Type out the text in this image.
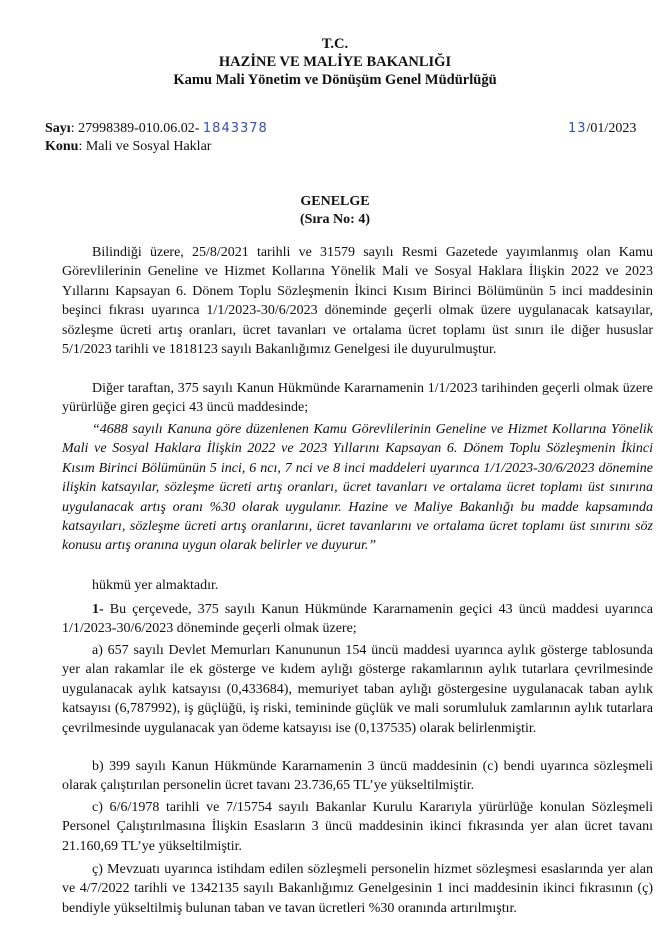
T.C.
HAZİNE VE MALİYE BAKANLIĞI
Kamu Mali Yönetim ve Dönüşüm Genel Müdürlüğü
Sayı: 27998389-010.06.02- 1843378	13/01/2023
Konu: Mali ve Sosyal Haklar
GENELGE
(Sıra No: 4)

Bilindiği üzere, 25/8/2021 tarihli ve 31579 sayılı Resmi Gazetede yayımlanmış olan Kamu Görevlilerinin Geneline ve Hizmet Kollarına Yönelik Mali ve Sosyal Haklara İlişkin 2022 ve 2023 Yıllarını Kapsayan 6. Dönem Toplu Sözleşmenin İkinci Kısım Birinci Bölümünün 5 inci maddesinin beşinci fıkrası uyarınca 1/1/2023-30/6/2023 döneminde geçerli olmak üzere uygulanacak katsayılar, sözleşme ücreti artış oranları, ücret tavanları ve ortalama ücret toplamı üst sınırı ile diğer hususlar 5/1/2023 tarihli ve 1818123 sayılı Bakanlığımız Genelgesi ile duyurulmuştur.

Diğer taraftan, 375 sayılı Kanun Hükmünde Kararnamenin 1/1/2023 tarihinden geçerli olmak üzere yürürlüğe giren geçici 43 üncü maddesinde;

“4688 sayılı Kanuna göre düzenlenen Kamu Görevlilerinin Geneline ve Hizmet Kollarına Yönelik Mali ve Sosyal Haklara İlişkin 2022 ve 2023 Yıllarını Kapsayan 6. Dönem Toplu Sözleşmenin İkinci Kısım Birinci Bölümünün 5 inci, 6 ncı, 7 nci ve 8 inci maddeleri uyarınca 1/1/2023-30/6/2023 dönemine ilişkin katsayılar, sözleşme ücreti artış oranları, ücret tavanları ve ortalama ücret toplamı üst sınırına uygulanacak artış oranı %30 olarak uygulanır. Hazine ve Maliye Bakanlığı bu madde kapsamında katsayıları, sözleşme ücreti artış oranlarını, ücret tavanlarını ve ortalama ücret toplamı üst sınırını söz konusu artış oranına uygun olarak belirler ve duyurur.”

hükmü yer almaktadır.

1- Bu çerçevede, 375 sayılı Kanun Hükmünde Kararnamenin geçici 43 üncü maddesi uyarınca 1/1/2023-30/6/2023 döneminde geçerli olmak üzere;

a) 657 sayılı Devlet Memurları Kanununun 154 üncü maddesi uyarınca aylık gösterge tablosunda yer alan rakamlar ile ek gösterge ve kıdem aylığı gösterge rakamlarının aylık tutarlara çevrilmesinde uygulanacak aylık katsayısı (0,433684), memuriyet taban aylığı göstergesine uygulanacak taban aylık katsayısı (6,787992), iş güçlüğü, iş riski, temininde güçlük ve mali sorumluluk zamlarının aylık tutarlara çevrilmesinde uygulanacak yan ödeme katsayısı ise (0,137535) olarak belirlenmiştir.

b) 399 sayılı Kanun Hükmünde Kararnamenin 3 üncü maddesinin (c) bendi uyarınca sözleşmeli olarak çalıştırılan personelin ücret tavanı 23.736,65 TL’ye yükseltilmiştir.

c) 6/6/1978 tarihli ve 7/15754 sayılı Bakanlar Kurulu Kararıyla yürürlüğe konulan Sözleşmeli Personel Çalıştırılmasına İlişkin Esasların 3 üncü maddesinin ikinci fıkrasında yer alan ücret tavanı 21.160,69 TL’ye yükseltilmiştir.

ç) Mevzuatı uyarınca istihdam edilen sözleşmeli personelin hizmet sözleşmesi esaslarında yer alan ve 4/7/2022 tarihli ve 1342135 sayılı Bakanlığımız Genelgesinin 1 inci maddesinin ikinci fıkrasının (ç) bendiyle yükseltilmiş bulunan taban ve tavan ücretleri %30 oranında artırılmıştır.
